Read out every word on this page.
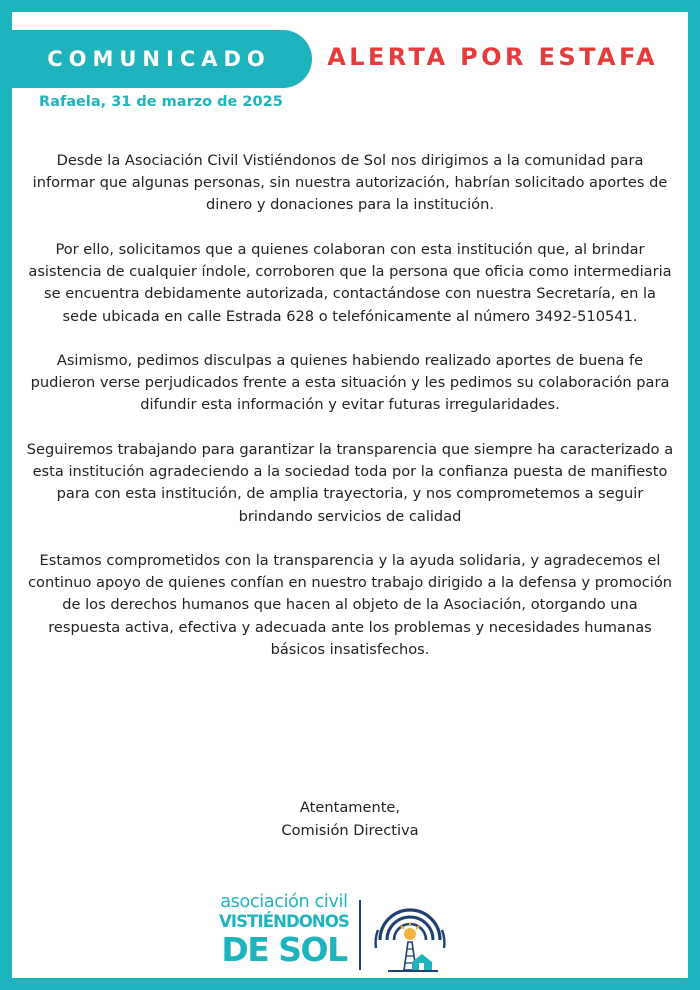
COMUNICADO ALERTA POR ESTAFA

Rafaela, 31 de marzo de 2025

Desde la Asociación Civil Vistiéndonos de Sol nos dirigimos a la comunidad para informar que algunas personas, sin nuestra autorización, habrían solicitado aportes de dinero y donaciones para la institución.

Por ello, solicitamos que a quienes colaboran con esta institución que, al brindar asistencia de cualquier índole, corroboren que la persona que oficia como intermediaria se encuentra debidamente autorizada, contactándose con nuestra Secretaría, en la sede ubicada en calle Estrada 628 o telefónicamente al número 3492-510541.

Asimismo, pedimos disculpas a quienes habiendo realizado aportes de buena fe pudieron verse perjudicados frente a esta situación y les pedimos su colaboración para difundir esta información y evitar futuras irregularidades.

Seguiremos trabajando para garantizar la transparencia que siempre ha caracterizado a esta institución agradeciendo a la sociedad toda por la confianza puesta de manifiesto para con esta institución, de amplia trayectoria, y nos comprometemos a seguir brindando servicios de calidad

Estamos comprometidos con la transparencia y la ayuda solidaria, y agradecemos el continuo apoyo de quienes confían en nuestro trabajo dirigido a la defensa y promoción de los derechos humanos que hacen al objeto de la Asociación, otorgando una respuesta activa, efectiva y adecuada ante los problemas y necesidades humanas básicos insatisfechos.

Atentamente,
Comisión Directiva
asociación civil
VISTIÉNDONOS
DE SOL
